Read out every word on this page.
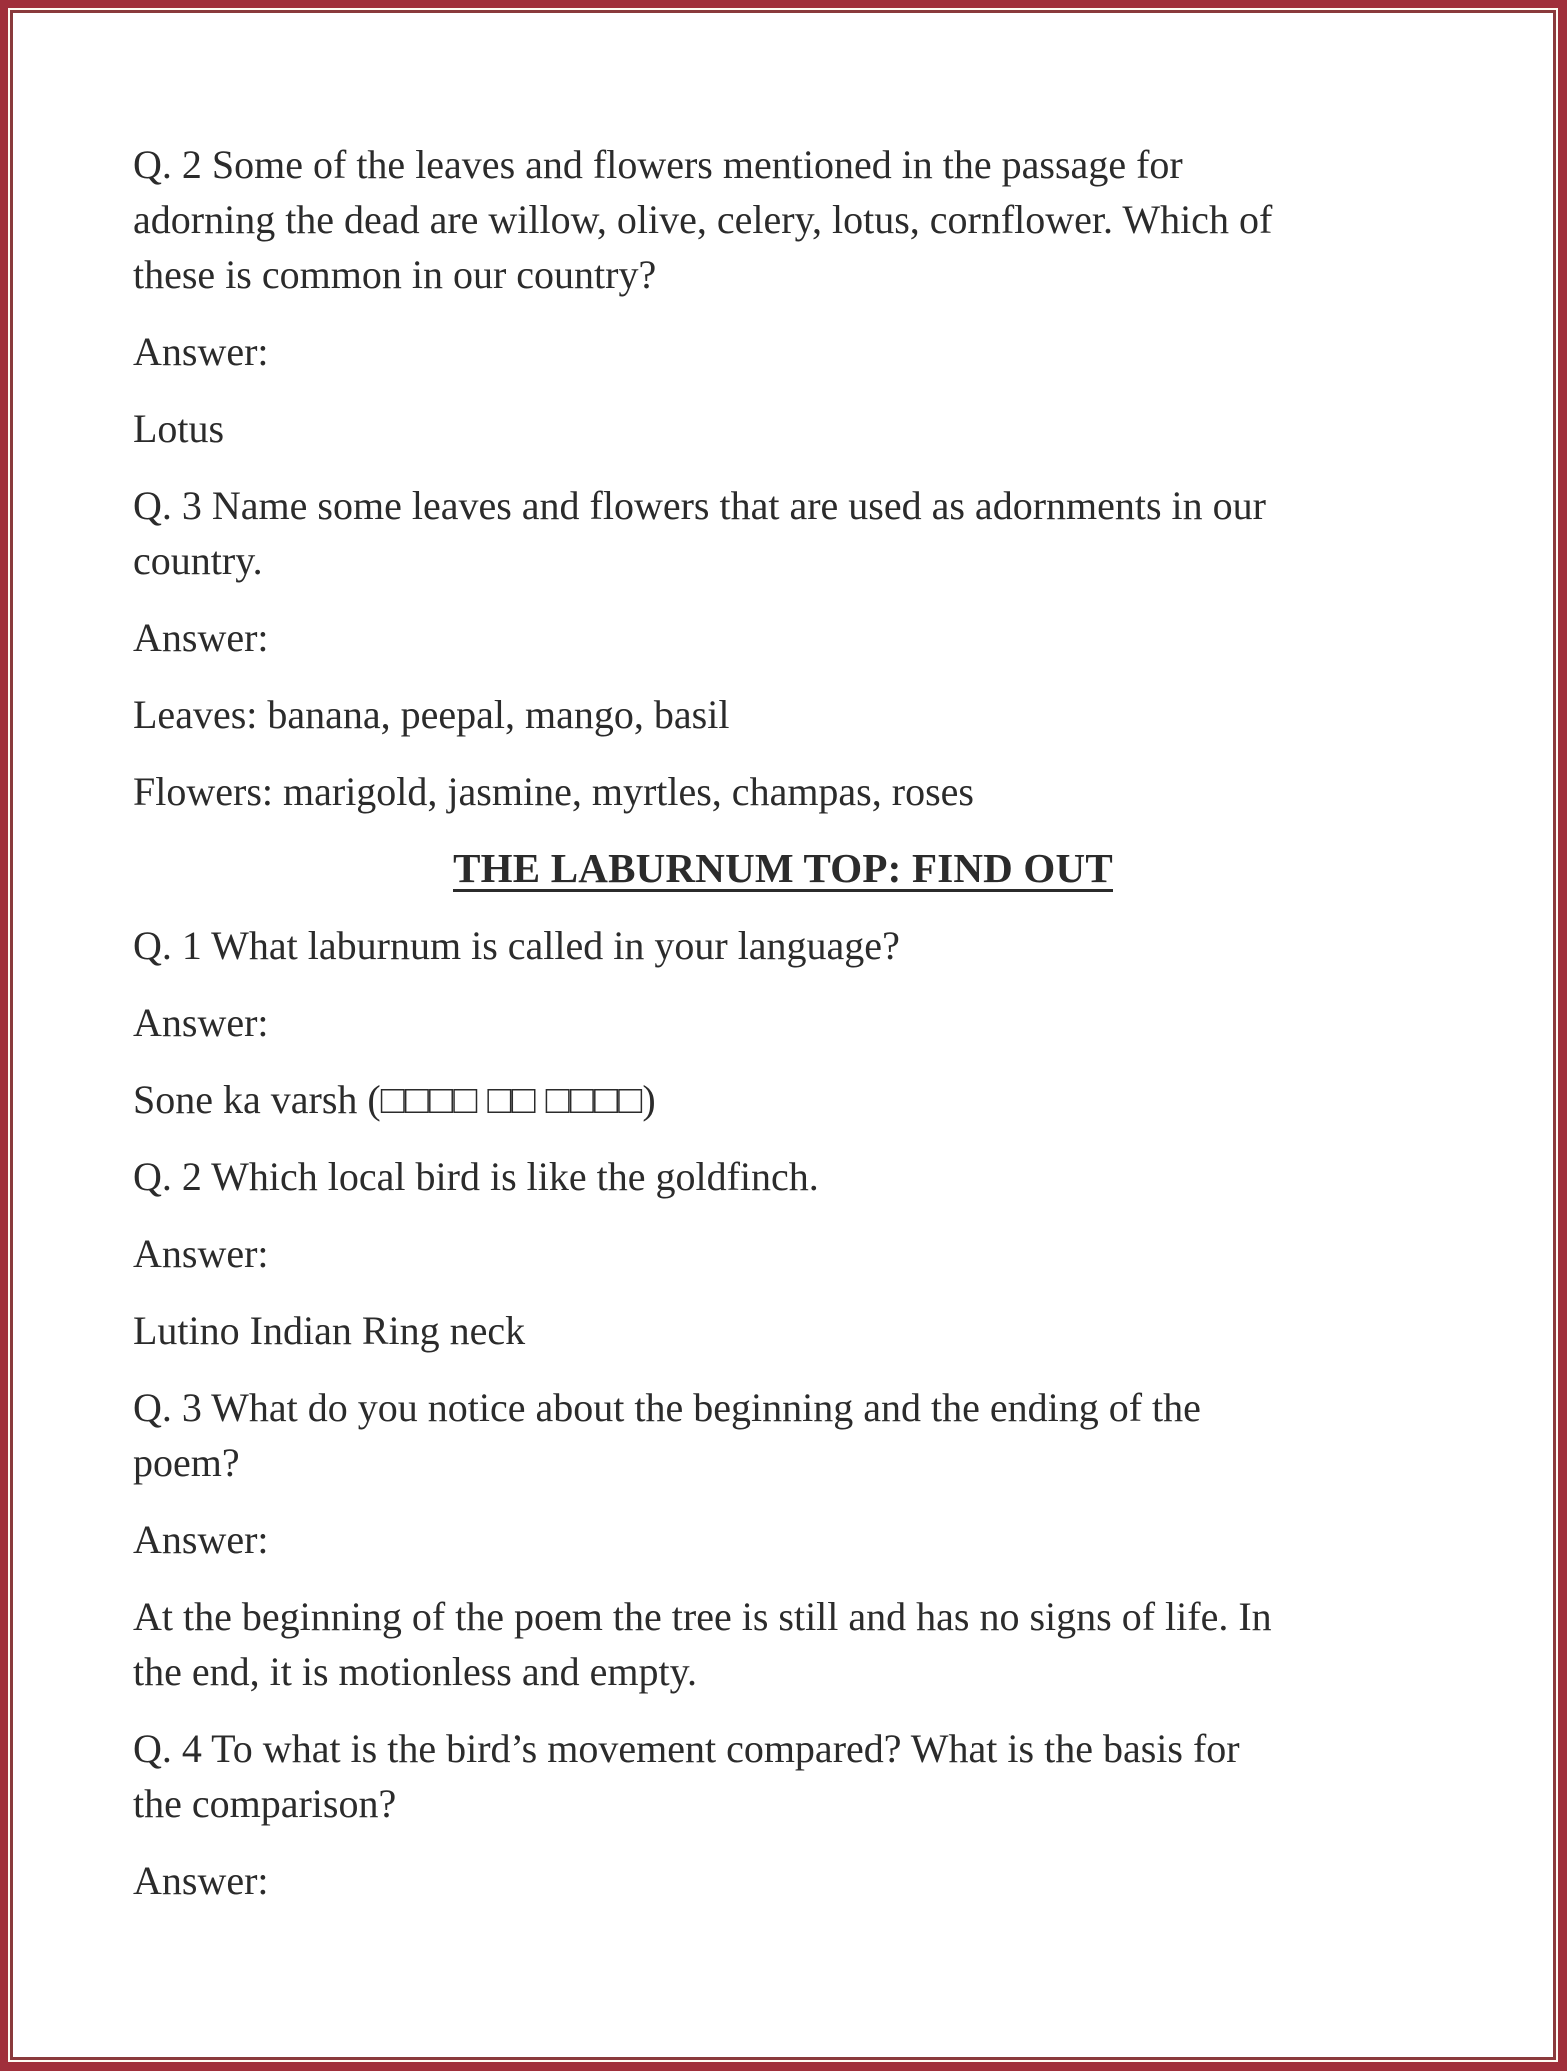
Q. 2 Some of the leaves and flowers mentioned in the passage for
adorning the dead are willow, olive, celery, lotus, cornflower. Which of
these is common in our country?

Answer:

Lotus

Q. 3 Name some leaves and flowers that are used as adornments in our
country.

Answer:

Leaves: banana, peepal, mango, basil

Flowers: marigold, jasmine, myrtles, champas, roses

THE LABURNUM TOP: FIND OUT

Q. 1 What laburnum is called in your language?

Answer:

Sone ka varsh (□□□□ □□ □□□□)

Q. 2 Which local bird is like the goldfinch.

Answer:

Lutino Indian Ring neck

Q. 3 What do you notice about the beginning and the ending of the
poem?

Answer:

At the beginning of the poem the tree is still and has no signs of life. In
the end, it is motionless and empty.

Q. 4 To what is the bird’s movement compared? What is the basis for
the comparison?

Answer:
